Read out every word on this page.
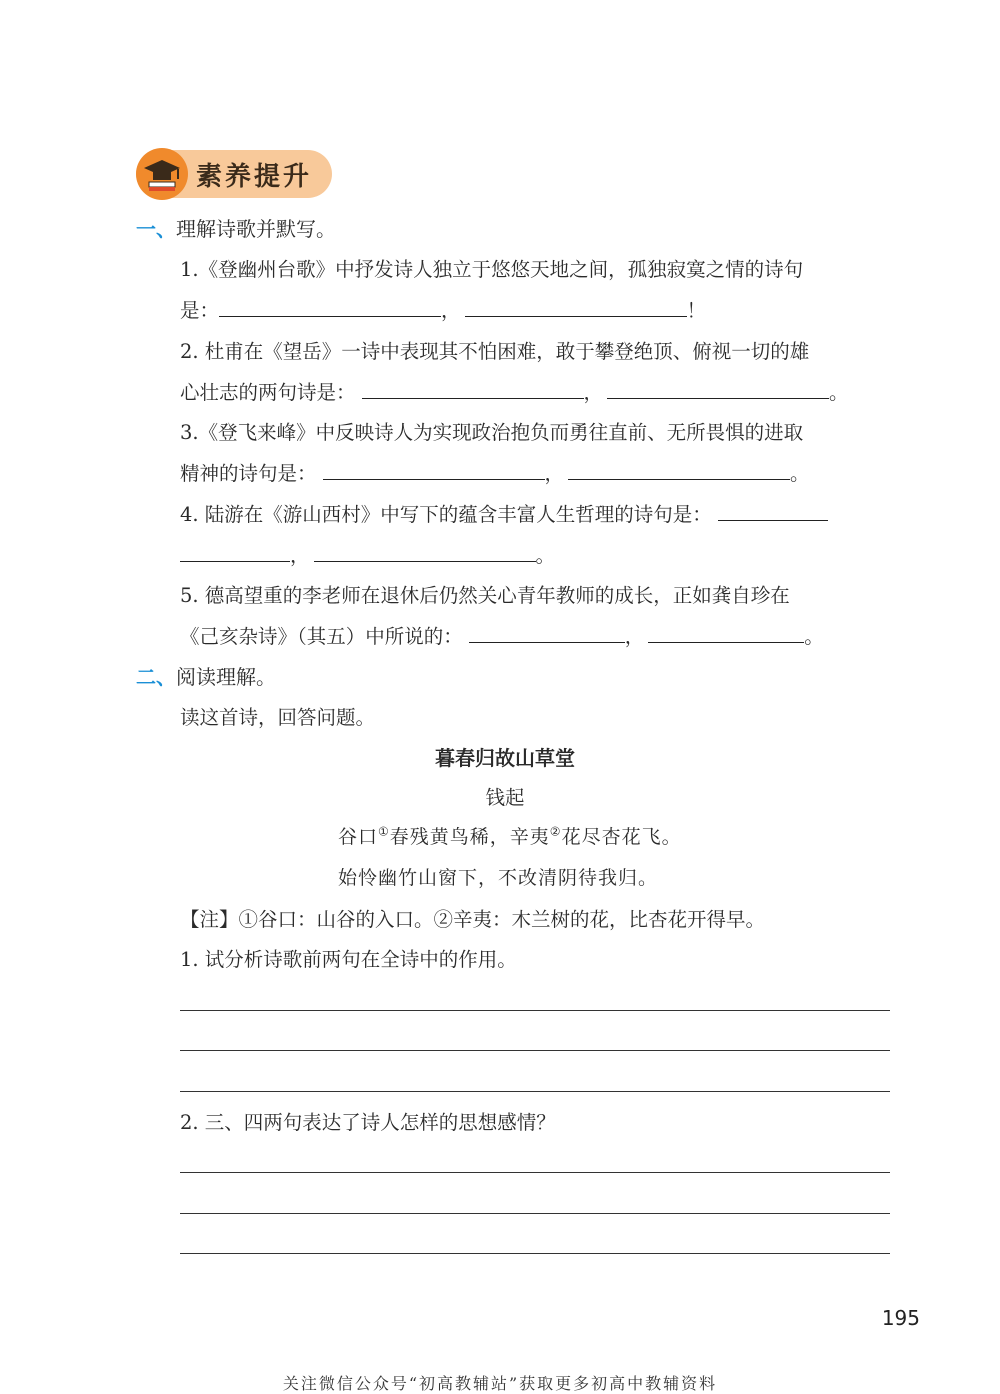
素养提升
一、理解诗歌并默写。
1.《登幽州台歌》中抒发诗人独立于悠悠天地之间，孤独寂寞之情的诗句
是：	，	！
2. 杜甫在《望岳》一诗中表现其不怕困难，敢于攀登绝顶、俯视一切的雄
心壮志的两句诗是：	，	。
3.《登飞来峰》中反映诗人为实现政治抱负而勇往直前、无所畏惧的进取
精神的诗句是：	，	。
4. 陆游在《游山西村》中写下的蕴含丰富人生哲理的诗句是：
，	。
5. 德高望重的李老师在退休后仍然关心青年教师的成长，正如龚自珍在
《己亥杂诗》（其五）中所说的：	，	。
二、阅读理解。
读这首诗，回答问题。
暮春归故山草堂
钱起
谷口①春残黄鸟稀，辛夷②花尽杏花飞。
始怜幽竹山窗下，不改清阴待我归。
【注】①谷口：山谷的入口。②辛夷：木兰树的花，比杏花开得早。
1. 试分析诗歌前两句在全诗中的作用。
2. 三、四两句表达了诗人怎样的思想感情？
195
关注微信公众号“初高教辅站”获取更多初高中教辅资料
